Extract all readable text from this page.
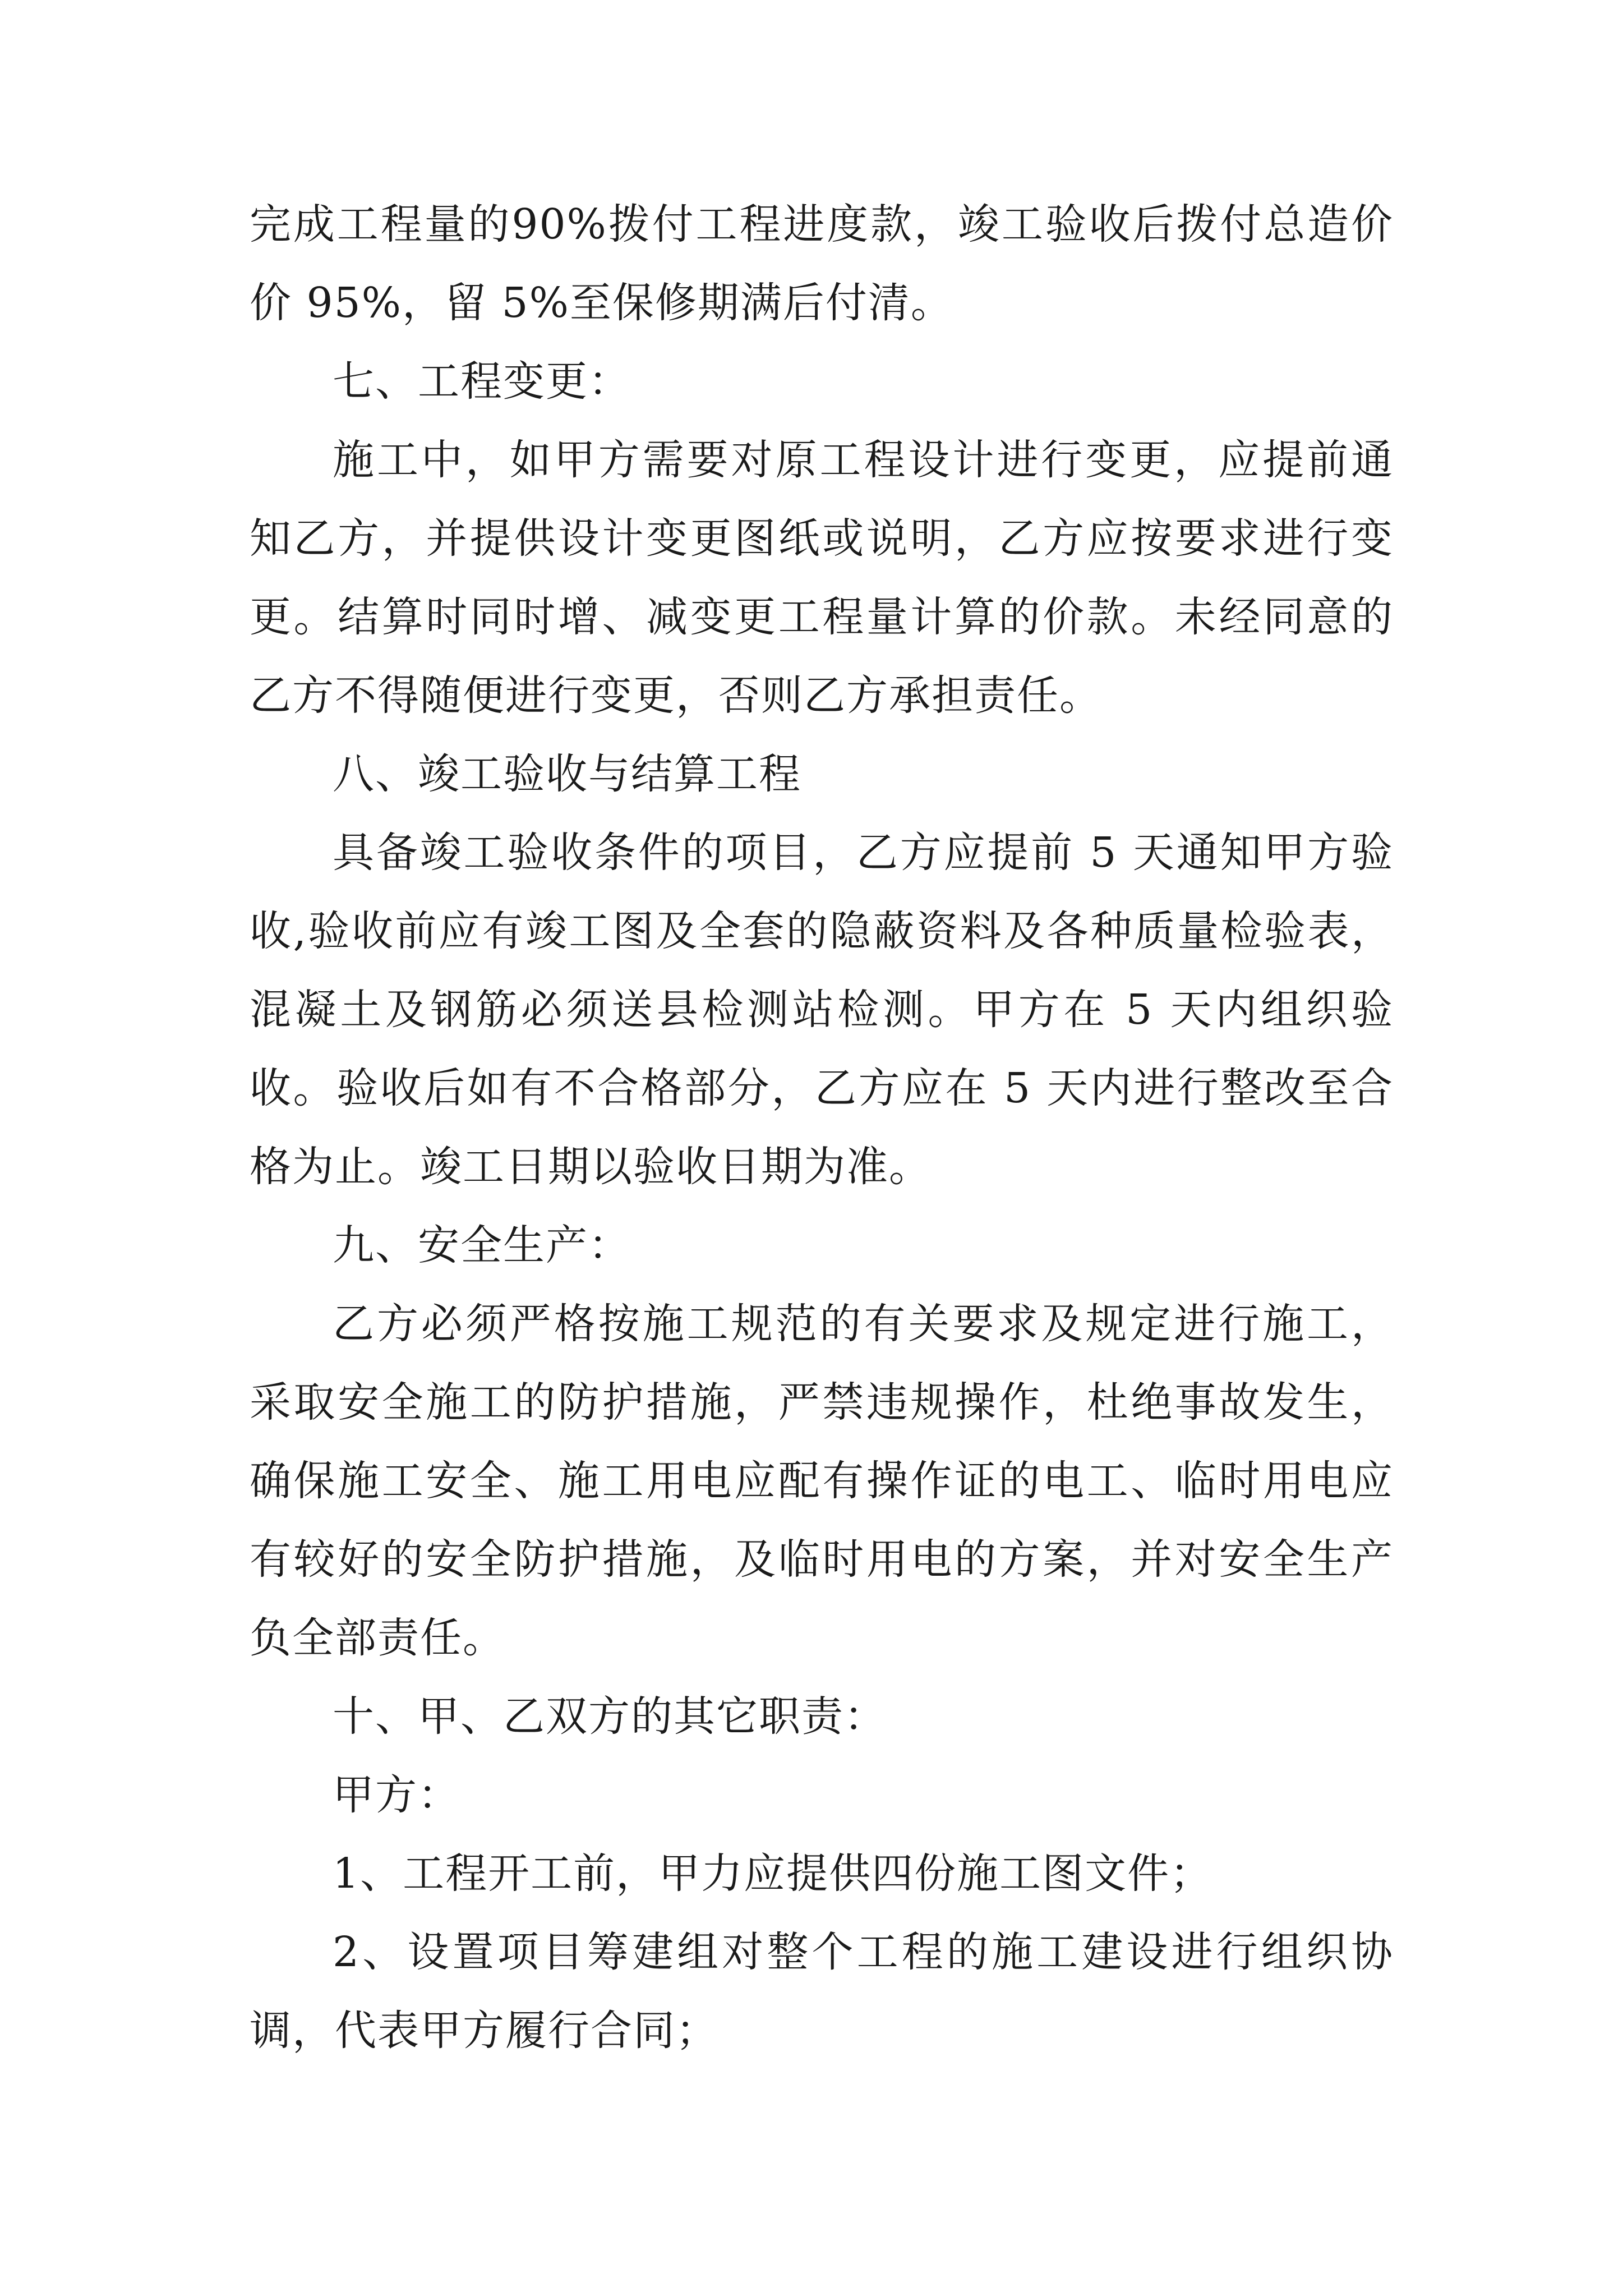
完成工程量的90%拨付工程进度款，竣工验收后拨付总造价价 95%，留 5%至保修期满后付清。

七、工程变更：

施工中，如甲方需要对原工程设计进行变更，应提前通知乙方，并提供设计变更图纸或说明，乙方应按要求进行变更。结算时同时增、减变更工程量计算的价款。未经同意的乙方不得随便进行变更，否则乙方承担责任。

八、竣工验收与结算工程

具备竣工验收条件的项目，乙方应提前 5 天通知甲方验收,验收前应有竣工图及全套的隐蔽资料及各种质量检验表，混凝土及钢筋必须送县检测站检测。甲方在 5 天内组织验收。验收后如有不合格部分，乙方应在 5 天内进行整改至合格为止。竣工日期以验收日期为准。

九、安全生产：

乙方必须严格按施工规范的有关要求及规定进行施工，采取安全施工的防护措施，严禁违规操作，杜绝事故发生，确保施工安全、施工用电应配有操作证的电工、临时用电应有较好的安全防护措施，及临时用电的方案，并对安全生产负全部责任。

十、甲、乙双方的其它职责：

甲方：

1、工程开工前，甲力应提供四份施工图文件；

2、设置项目筹建组对整个工程的施工建设进行组织协调，代表甲方履行合同；
